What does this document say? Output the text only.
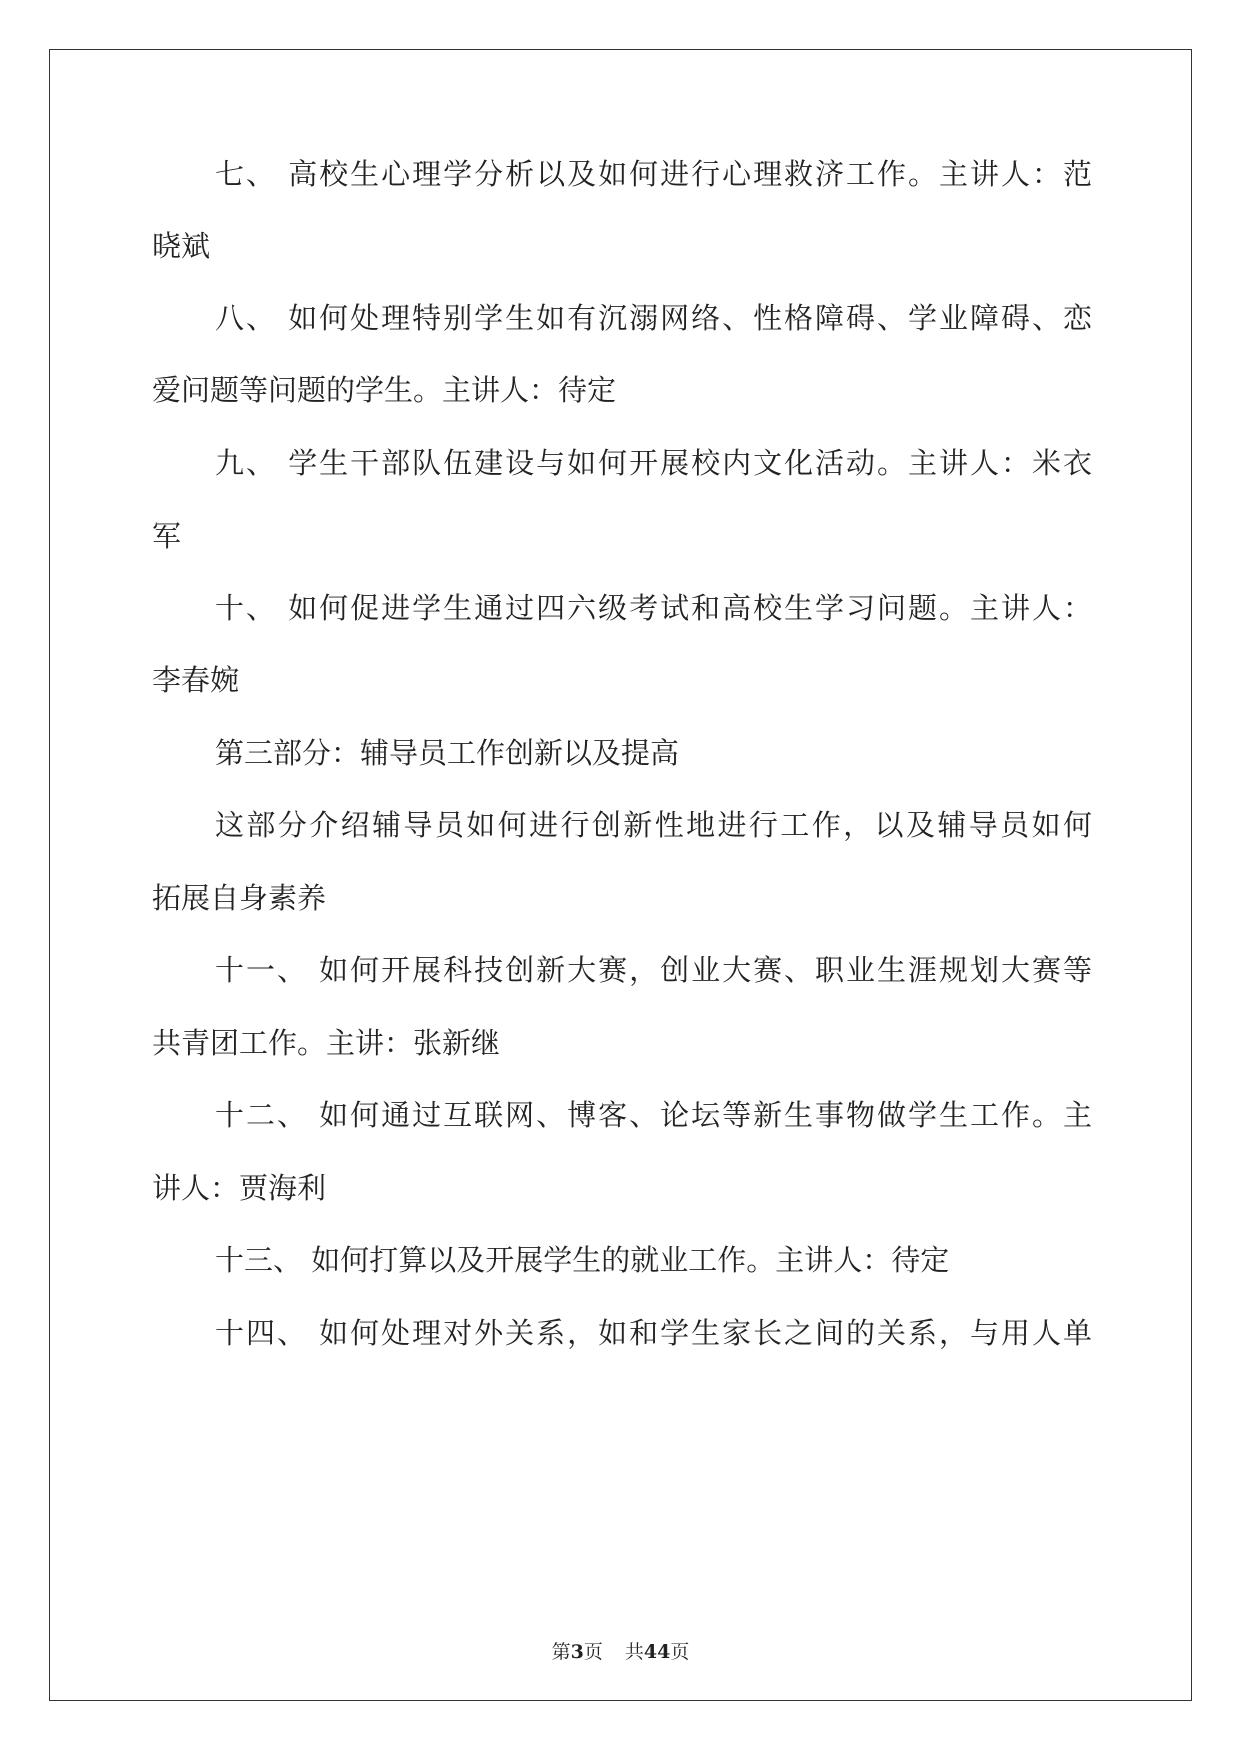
七、 高校生心理学分析以及如何进行心理救济工作。主讲人：范
晓斌
八、 如何处理特别学生如有沉溺网络、性格障碍、学业障碍、恋
爱问题等问题的学生。主讲人：待定
九、 学生干部队伍建设与如何开展校内文化活动。主讲人：米衣
军
十、 如何促进学生通过四六级考试和高校生学习问题。主讲人：
李春婉
第三部分：辅导员工作创新以及提高
这部分介绍辅导员如何进行创新性地进行工作，以及辅导员如何
拓展自身素养
十一、 如何开展科技创新大赛，创业大赛、职业生涯规划大赛等
共青团工作。主讲：张新继
十二、 如何通过互联网、博客、论坛等新生事物做学生工作。主
讲人：贾海利
十三、 如何打算以及开展学生的就业工作。主讲人：待定
十四、 如何处理对外关系，如和学生家长之间的关系，与用人单
第3页 共44页
